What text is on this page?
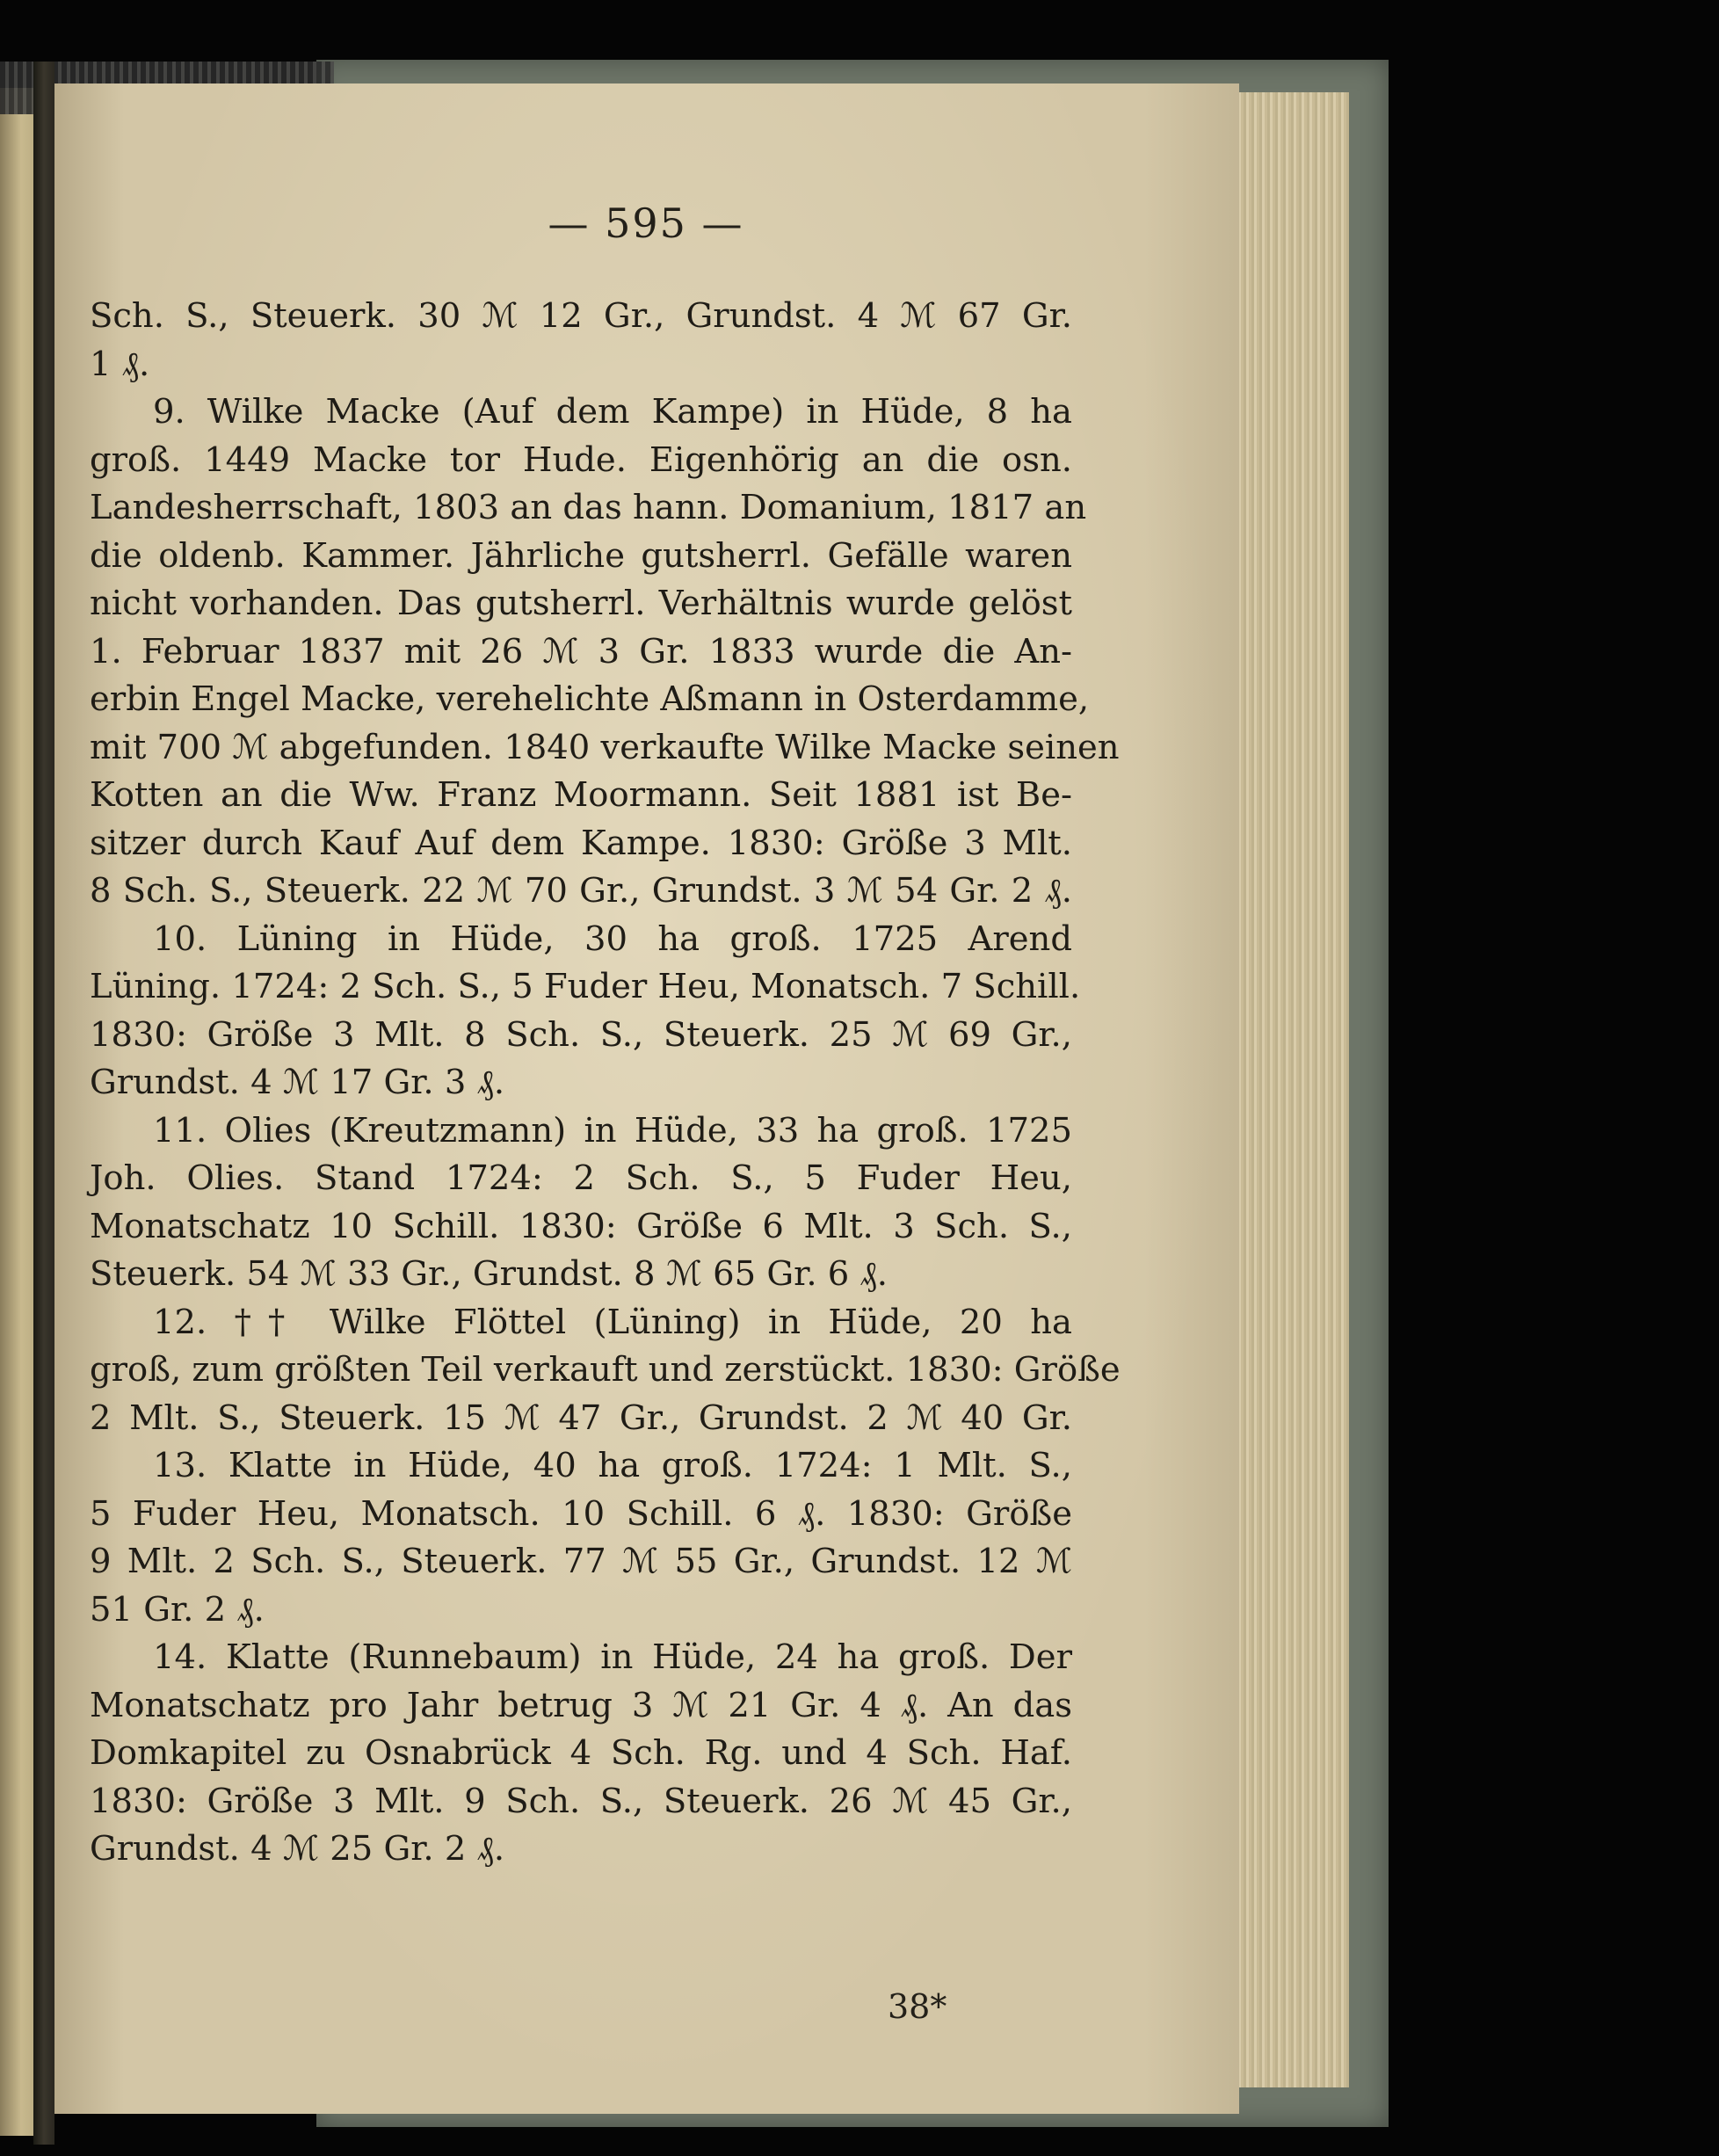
— 595 —
Sch. S., Steuerk. 30 ℳ 12 Gr., Grundst. 4 ℳ 67 Gr.
1 ₰.
9. Wilke Macke (Auf dem Kampe) in Hüde, 8 ha
groß. 1449 Macke tor Hude. Eigenhörig an die osn.
Landesherrschaft, 1803 an das hann. Domanium, 1817 an
die oldenb. Kammer. Jährliche gutsherrl. Gefälle waren
nicht vorhanden. Das gutsherrl. Verhältnis wurde gelöst
1. Februar 1837 mit 26 ℳ 3 Gr. 1833 wurde die An-
erbin Engel Macke, verehelichte Aßmann in Osterdamme,
mit 700 ℳ abgefunden. 1840 verkaufte Wilke Macke seinen
Kotten an die Ww. Franz Moormann. Seit 1881 ist Be-
sitzer durch Kauf Auf dem Kampe. 1830: Größe 3 Mlt.
8 Sch. S., Steuerk. 22 ℳ 70 Gr., Grundst. 3 ℳ 54 Gr. 2 ₰.
10. Lüning in Hüde, 30 ha groß. 1725 Arend
Lüning. 1724: 2 Sch. S., 5 Fuder Heu, Monatsch. 7 Schill.
1830: Größe 3 Mlt. 8 Sch. S., Steuerk. 25 ℳ 69 Gr.,
Grundst. 4 ℳ 17 Gr. 3 ₰.
11. Olies (Kreutzmann) in Hüde, 33 ha groß. 1725
Joh. Olies. Stand 1724: 2 Sch. S., 5 Fuder Heu,
Monatschatz 10 Schill. 1830: Größe 6 Mlt. 3 Sch. S.,
Steuerk. 54 ℳ 33 Gr., Grundst. 8 ℳ 65 Gr. 6 ₰.
12. †† Wilke Flöttel (Lüning) in Hüde, 20 ha
groß, zum größten Teil verkauft und zerstückt. 1830: Größe
2 Mlt. S., Steuerk. 15 ℳ 47 Gr., Grundst. 2 ℳ 40 Gr.
13. Klatte in Hüde, 40 ha groß. 1724: 1 Mlt. S.,
5 Fuder Heu, Monatsch. 10 Schill. 6 ₰. 1830: Größe
9 Mlt. 2 Sch. S., Steuerk. 77 ℳ 55 Gr., Grundst. 12 ℳ
51 Gr. 2 ₰.
14. Klatte (Runnebaum) in Hüde, 24 ha groß. Der
Monatschatz pro Jahr betrug 3 ℳ 21 Gr. 4 ₰. An das
Domkapitel zu Osnabrück 4 Sch. Rg. und 4 Sch. Haf.
1830: Größe 3 Mlt. 9 Sch. S., Steuerk. 26 ℳ 45 Gr.,
Grundst. 4 ℳ 25 Gr. 2 ₰.
38*
